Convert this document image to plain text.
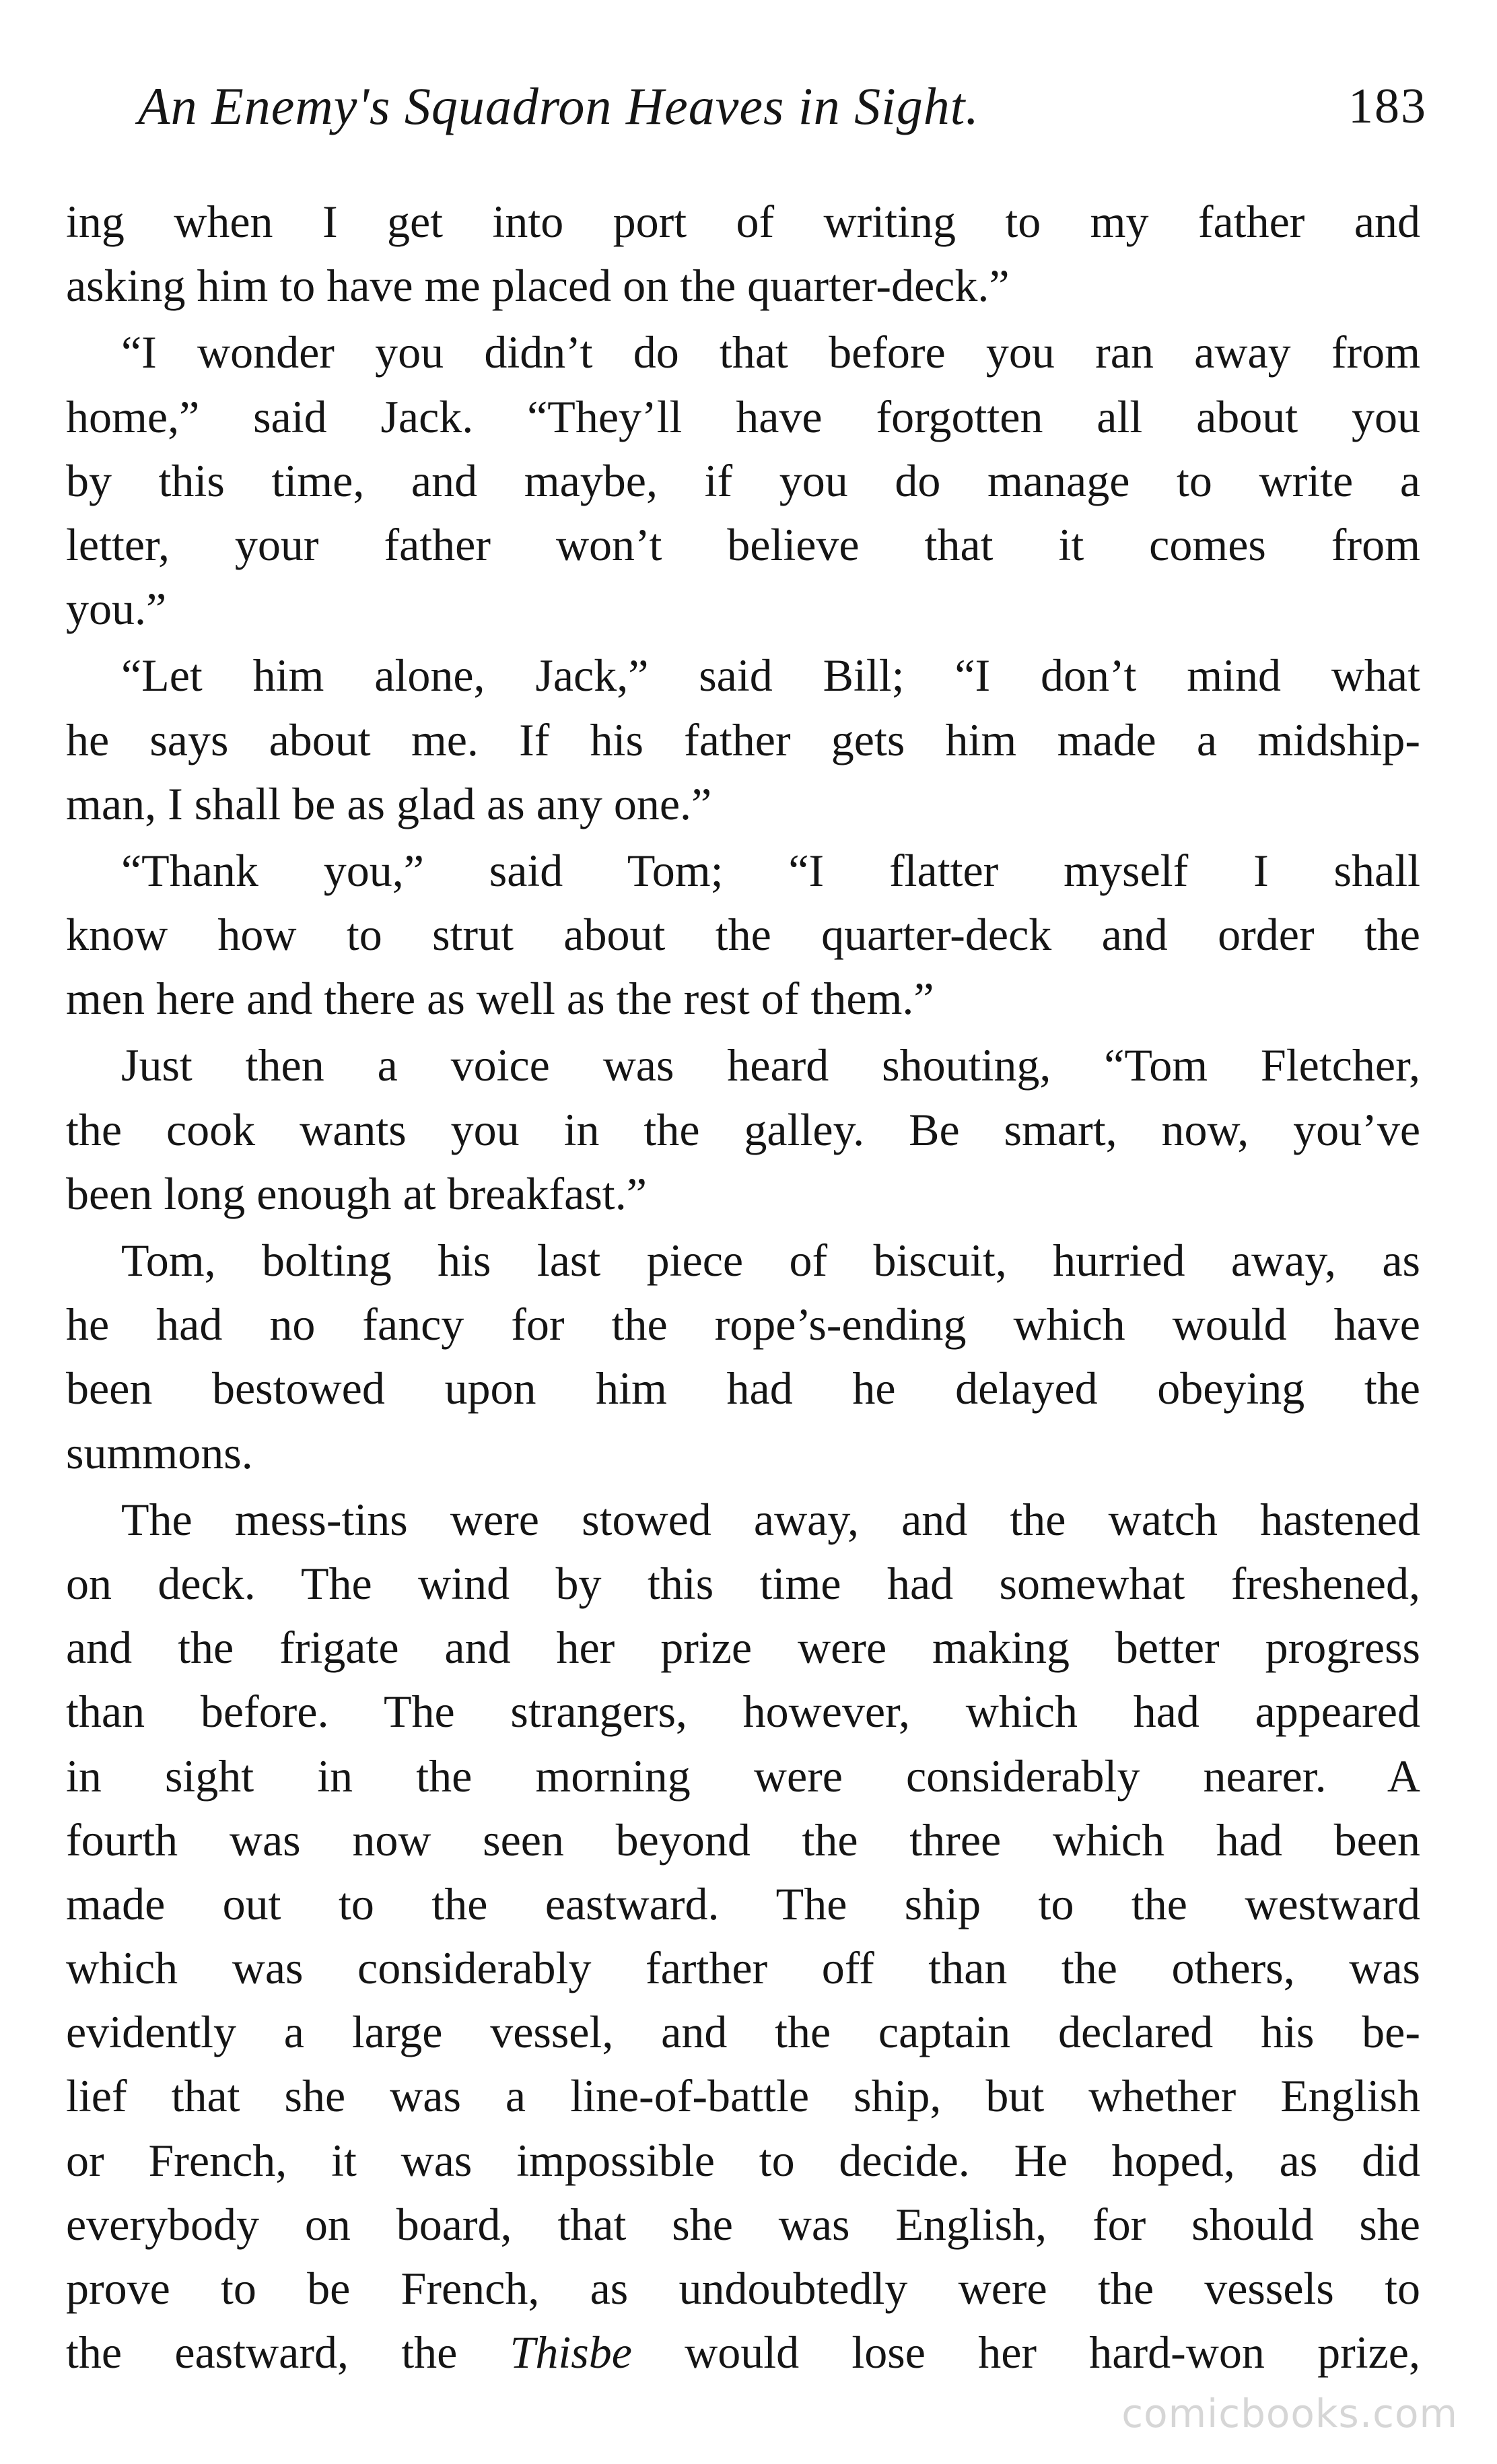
An Enemy's Squadron Heaves in Sight.	183
ing when I get into port of writing to my father and
asking him to have me placed on the quarter-deck.”
“I wonder you didn’t do that before you ran away from
home,” said Jack. “They’ll have forgotten all about you
by this time, and maybe, if you do manage to write a
letter, your father won’t believe that it comes from
you.”
“Let him alone, Jack,” said Bill; “I don’t mind what
he says about me. If his father gets him made a midship-
man, I shall be as glad as any one.”
“Thank you,” said Tom; “I flatter myself I shall
know how to strut about the quarter-deck and order the
men here and there as well as the rest of them.”
Just then a voice was heard shouting, “Tom Fletcher,
the cook wants you in the galley. Be smart, now, you’ve
been long enough at breakfast.”
Tom, bolting his last piece of biscuit, hurried away, as
he had no fancy for the rope’s-ending which would have
been bestowed upon him had he delayed obeying the
summons.
The mess-tins were stowed away, and the watch hastened
on deck. The wind by this time had somewhat freshened,
and the frigate and her prize were making better progress
than before. The strangers, however, which had appeared
in sight in the morning were considerably nearer. A
fourth was now seen beyond the three which had been
made out to the eastward. The ship to the westward
which was considerably farther off than the others, was
evidently a large vessel, and the captain declared his be-
lief that she was a line-of-battle ship, but whether English
or French, it was impossible to decide. He hoped, as did
everybody on board, that she was English, for should she
prove to be French, as undoubtedly were the vessels to
the eastward, the Thisbe would lose her hard-won prize,
comicbooks.com
